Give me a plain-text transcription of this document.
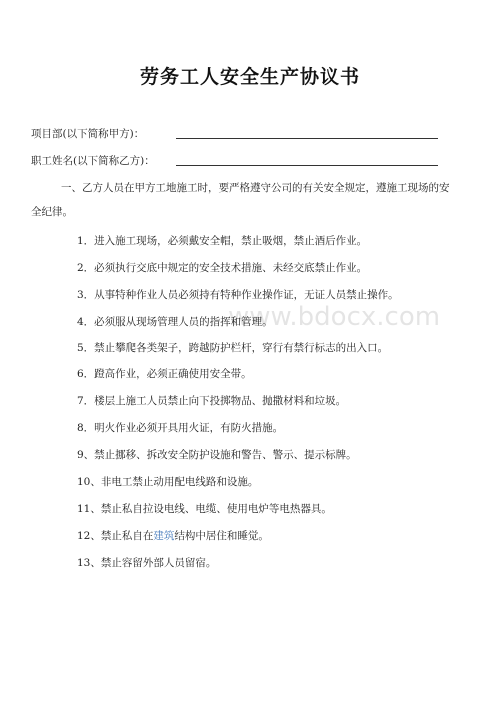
劳务工人安全生产协议书
项目部(以下简称甲方)：
职工姓名(以下简称乙方)：
一、乙方人员在甲方工地施工时，要严格遵守公司的有关安全规定，遵施工现场的安全纪律。
1．进入施工现场，必须戴安全帽，禁止吸烟，禁止酒后作业。
2．必须执行交底中规定的安全技术措施、未经交底禁止作业。
3．从事特种作业人员必须持有特种作业操作证，无证人员禁止操作。
4．必须服从现场管理人员的指挥和管理。
5．禁止攀爬各类架子，跨越防护栏杆，穿行有禁行标志的出入口。
6．蹬高作业，必须正确使用安全带。
7．楼层上施工人员禁止向下投掷物品、抛撒材料和垃圾。
8．明火作业必须开具用火证，有防火措施。
9、禁止挪移、拆改安全防护设施和警告、警示、提示标牌。
10、非电工禁止动用配电线路和设施。
11、禁止私自拉设电线、电缆、使用电炉等电热器具。
12、禁止私自在建筑结构中居住和睡觉。
13、禁止容留外部人员留宿。
www.bdocx.com
